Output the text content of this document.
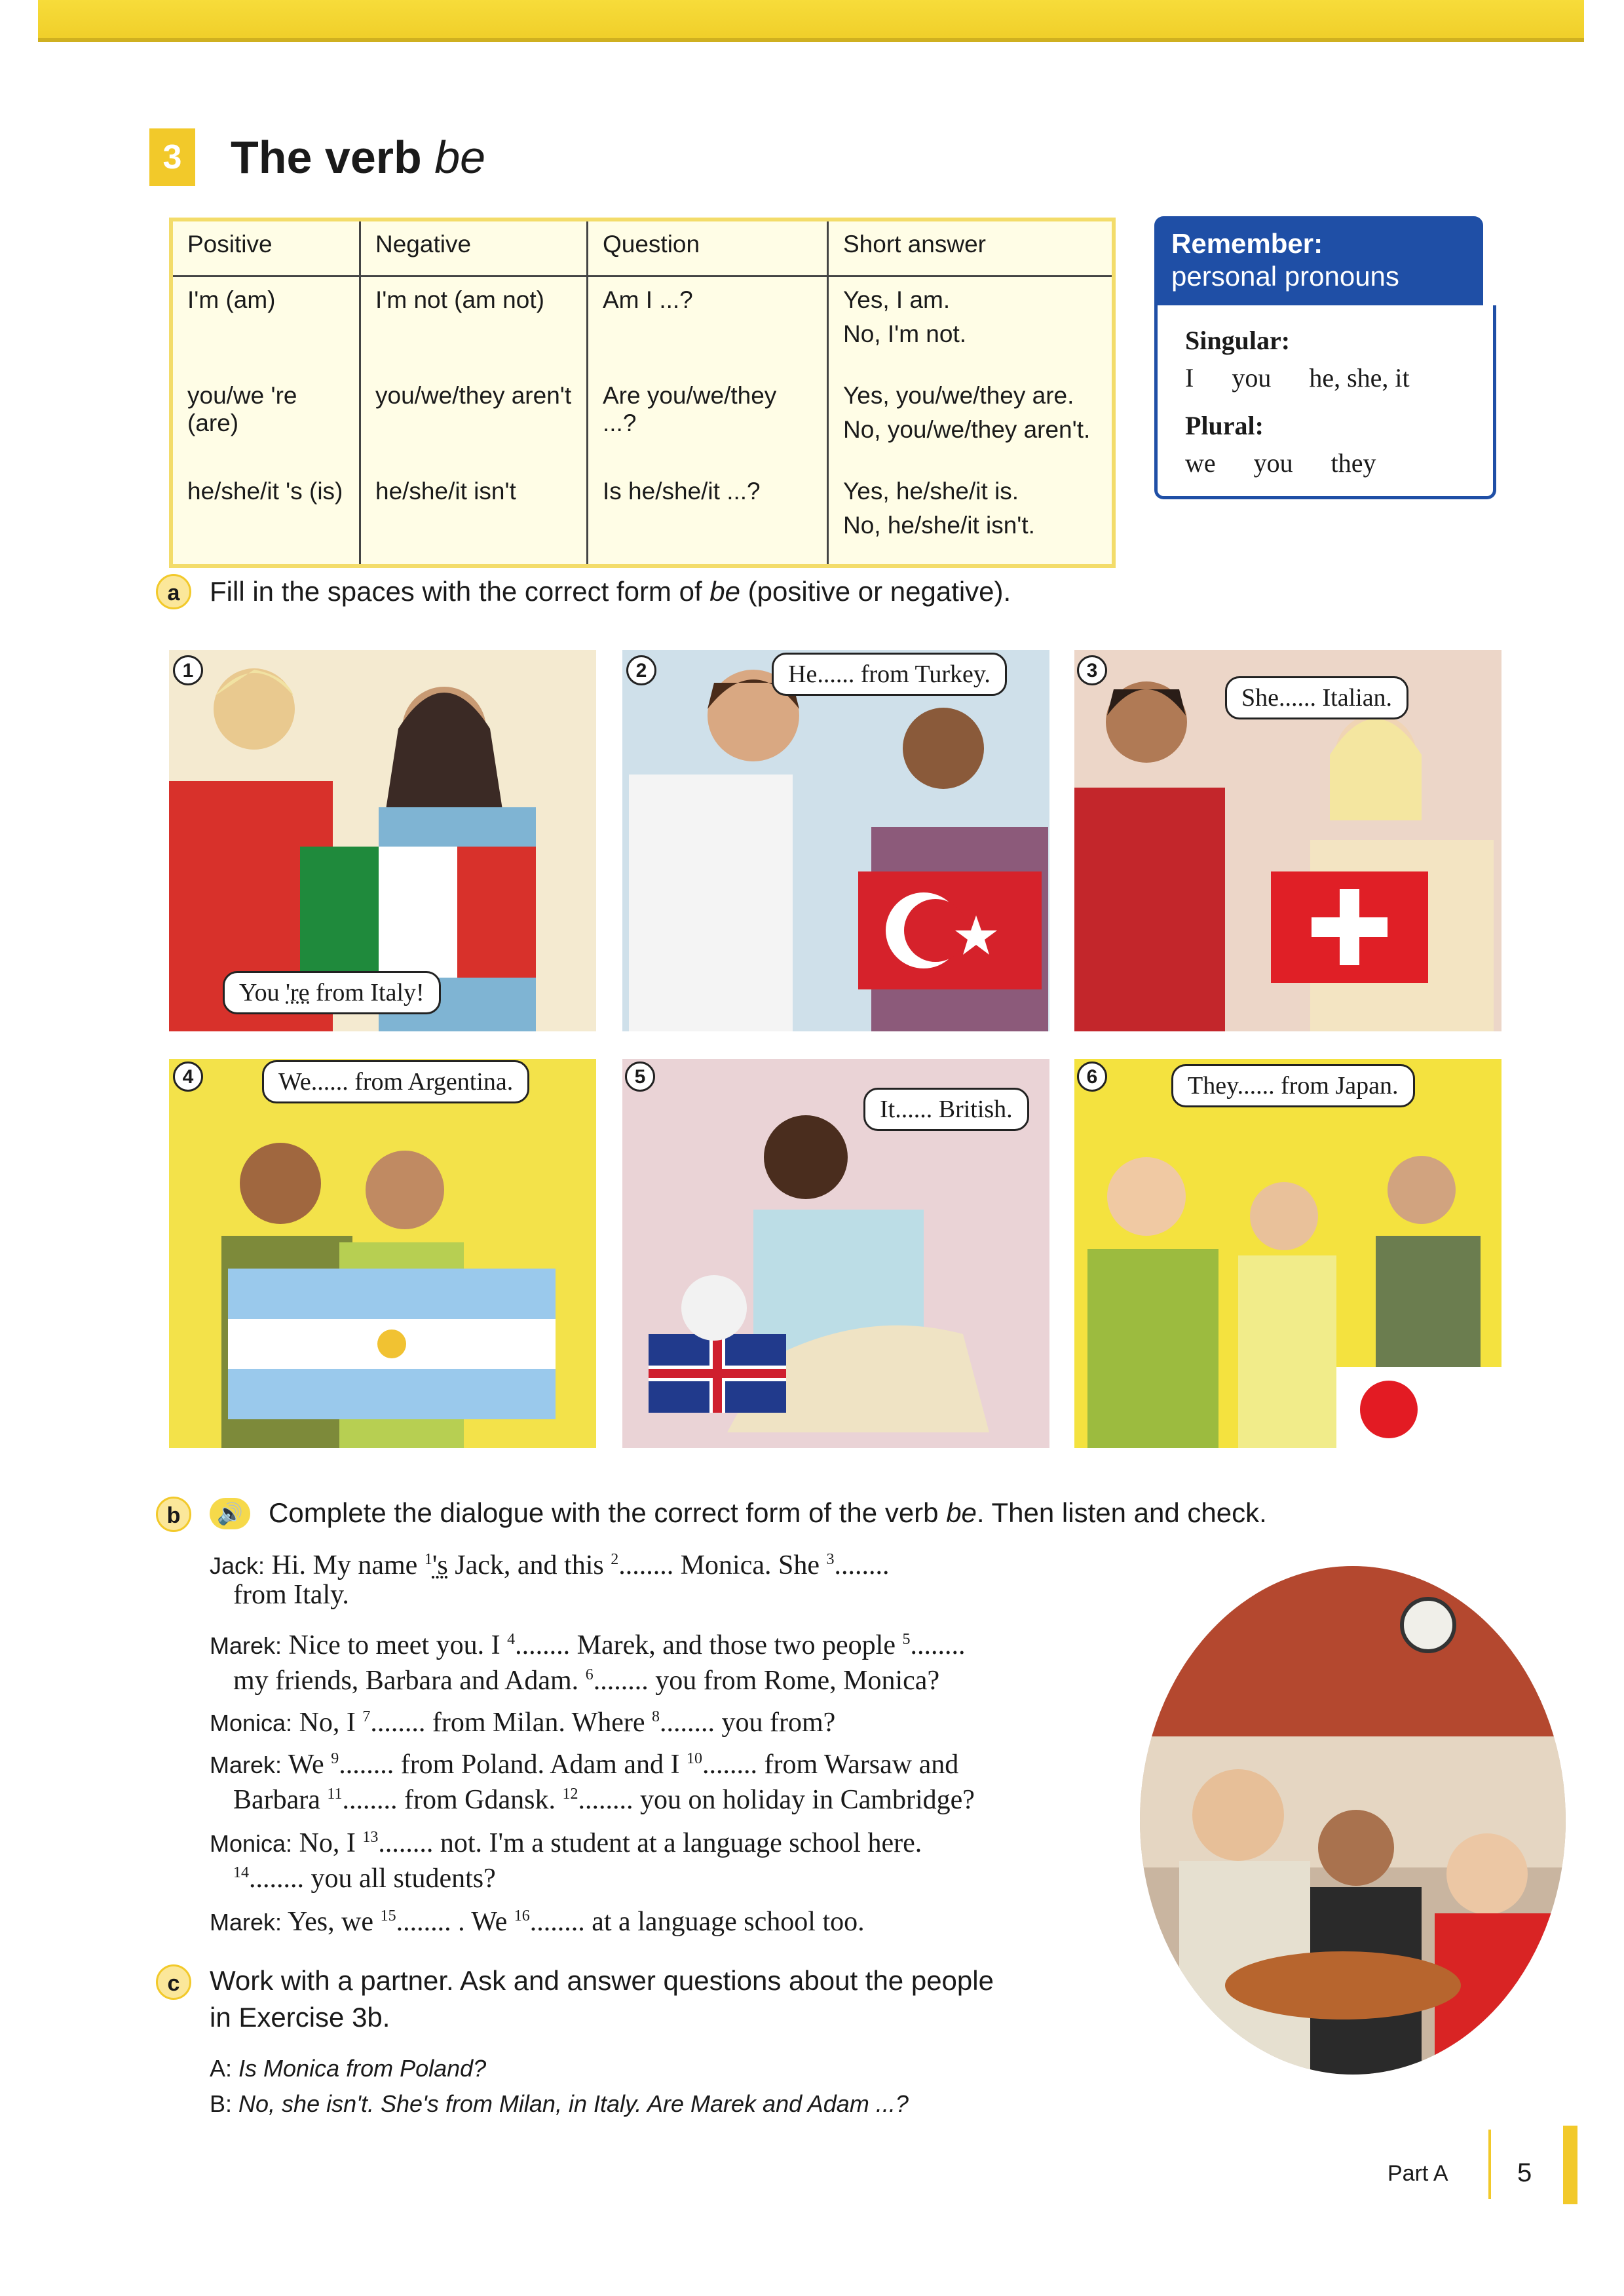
3 The verb be
Positive	Negative	Question	Short answer
I'm (am)	I'm not (am not)	Am I ...?	Yes, I am.
No, I'm not.

you/we 're (are)	you/we/they aren't	Are you/we/they ...?	Yes, you/we/they are.
No, you/we/they aren't.

he/she/it 's (is)	he/she/it isn't	Is he/she/it ...?	Yes, he/she/it is.
No, he/she/it isn't.
Remember:
personal pronouns
Singular:
I you he, she, it
Plural:
we you they
a	Fill in the spaces with the correct form of be (positive or negative).
1
You 're from Italy!
2	He...... from Turkey.	3
She...... Italian.
4	We...... from Argentina.	5
It...... British.
6	They...... from Japan.
b	🔊 Complete the dialogue with the correct form of the verb be. Then listen and check.
Jack: Hi. My name $^1$'s Jack, and this $^2$........ Monica. She $^3$........
from Italy.
Marek: Nice to meet you. I $^4$........ Marek, and those two people $^5$........
my friends, Barbara and Adam. $^6$........ you from Rome, Monica?
Monica: No, I $^7$........ from Milan. Where $^8$........ you from?
Marek: We $^9$........ from Poland. Adam and I $^{10}$........ from Warsaw and
Barbara $^{11}$........ from Gdansk. $^{12}$........ you on holiday in Cambridge?
Monica: No, I $^{13}$........ not. I'm a student at a language school here.
$^{14}$........ you all students?
Marek: Yes, we $^{15}$........ . We $^{16}$........ at a language school too.
c	Work with a partner. Ask and answer questions about the people
in Exercise 3b.
A: Is Monica from Poland?
B: No, she isn't. She's from Milan, in Italy. Are Marek and Adam ...?
Part A	5
